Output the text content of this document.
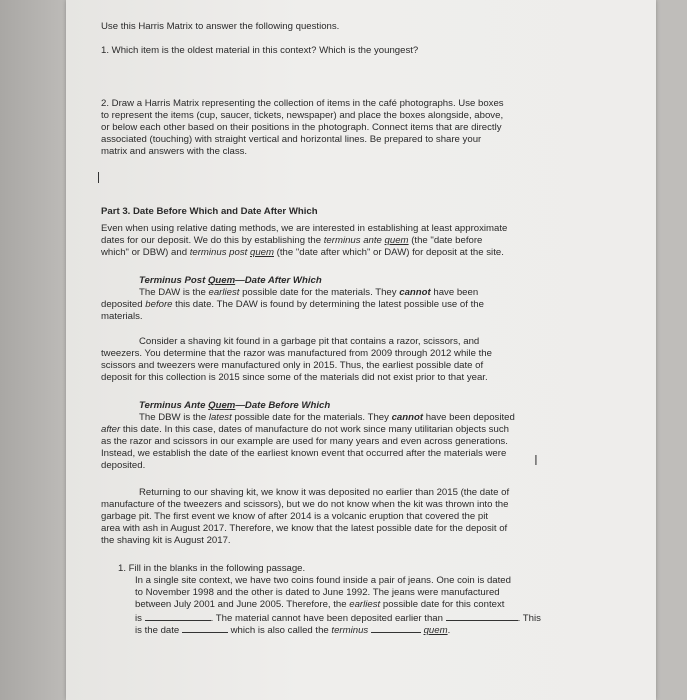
Use this Harris Matrix to answer the following questions.
1. Which item is the oldest material in this context? Which is the youngest?
2. Draw a Harris Matrix representing the collection of items in the café photographs. Use boxes
to represent the items (cup, saucer, tickets, newspaper) and place the boxes alongside, above,
or below each other based on their positions in the photograph. Connect items that are directly
associated (touching) with straight vertical and horizontal lines. Be prepared to share your
matrix and answers with the class.
Part 3. Date Before Which and Date After Which
Even when using relative dating methods, we are interested in establishing at least approximate
dates for our deposit. We do this by establishing the terminus ante quem (the "date before
which" or DBW) and terminus post quem (the "date after which" or DAW) for deposit at the site.
Terminus Post Quem—Date After Which
The DAW is the earliest possible date for the materials. They cannot have been
deposited before this date. The DAW is found by determining the latest possible use of the
materials.
Consider a shaving kit found in a garbage pit that contains a razor, scissors, and
tweezers. You determine that the razor was manufactured from 2009 through 2012 while the
scissors and tweezers were manufactured only in 2015. Thus, the earliest possible date of
deposit for this collection is 2015 since some of the materials did not exist prior to that year.
Terminus Ante Quem—Date Before Which
The DBW is the latest possible date for the materials. They cannot have been deposited
after this date. In this case, dates of manufacture do not work since many utilitarian objects such
as the razor and scissors in our example are used for many years and even across generations.
Instead, we establish the date of the earliest known event that occurred after the materials were
deposited.	I
Returning to our shaving kit, we know it was deposited no earlier than 2015 (the date of
manufacture of the tweezers and scissors), but we do not know when the kit was thrown into the
garbage pit. The first event we know of after 2014 is a volcanic eruption that covered the pit
area with ash in August 2017. Therefore, we know that the latest possible date for the deposit of
the shaving kit is August 2017.
1. Fill in the blanks in the following passage.
In a single site context, we have two coins found inside a pair of jeans. One coin is dated
to November 1998 and the other is dated to June 1992. The jeans were manufactured
between July 2001 and June 2005. Therefore, the earliest possible date for this context
is	. The material cannot have been deposited earlier than	. This
is the date	which is also called the terminus	quem.
